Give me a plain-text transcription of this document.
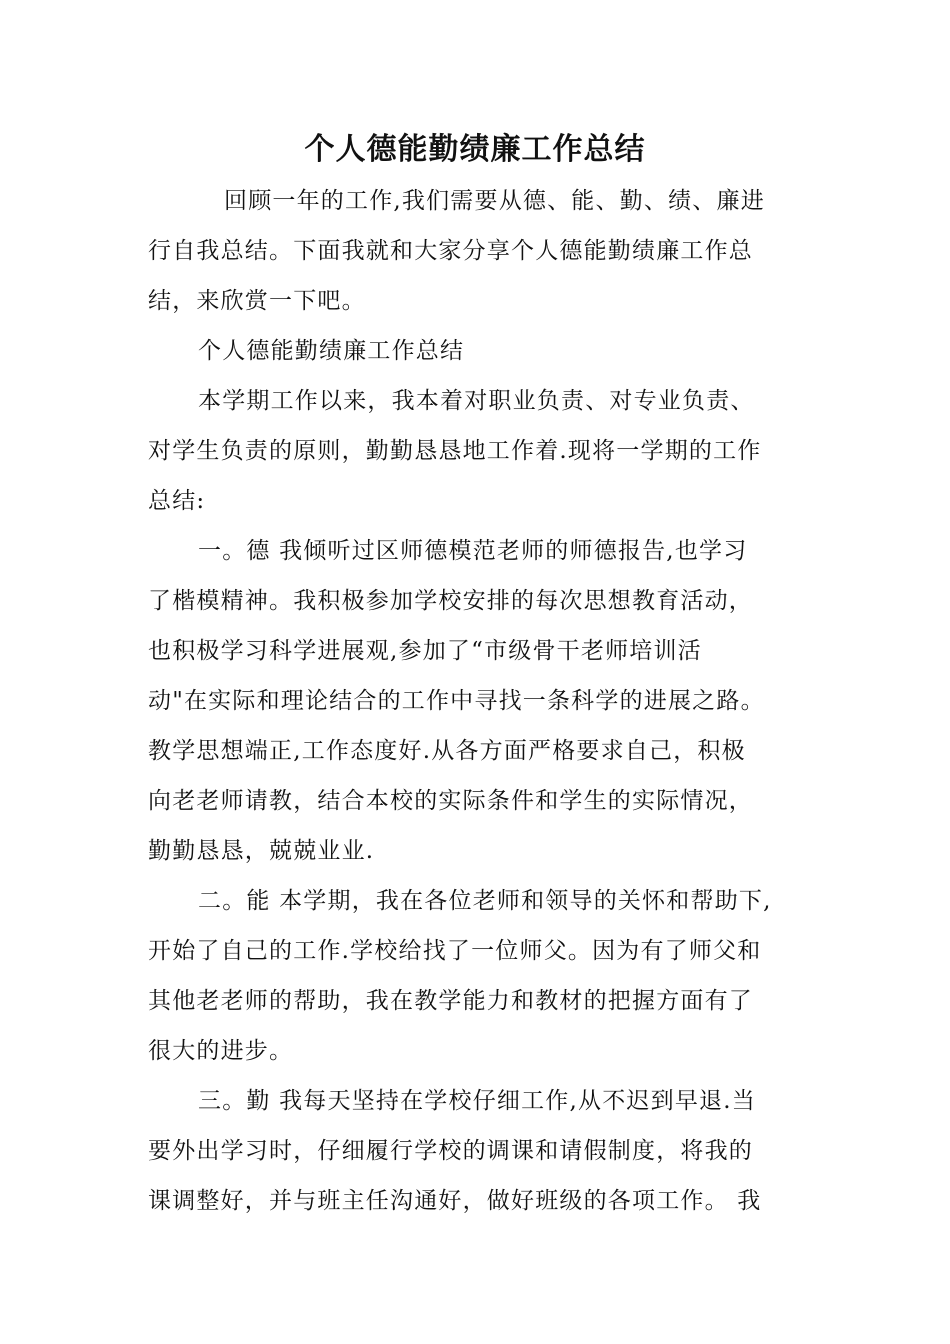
个人德能勤绩廉工作总结
回顾一年的工作,我们需要从德、能、勤、绩、廉进
行自我总结。下面我就和大家分享个人德能勤绩廉工作总
结，来欣赏一下吧。
个人德能勤绩廉工作总结
本学期工作以来，我本着对职业负责、对专业负责、
对学生负责的原则，勤勤恳恳地工作着.现将一学期的工作
总结:
一。德 我倾听过区师德模范老师的师德报告,也学习
了楷模精神。我积极参加学校安排的每次思想教育活动，
也积极学习科学进展观,参加了“市级骨干老师培训活
动"在实际和理论结合的工作中寻找一条科学的进展之路。
教学思想端正,工作态度好.从各方面严格要求自己，积极
向老老师请教，结合本校的实际条件和学生的实际情况，
勤勤恳恳，兢兢业业.
二。能 本学期，我在各位老师和领导的关怀和帮助下,
开始了自己的工作.学校给找了一位师父。因为有了师父和
其他老老师的帮助，我在教学能力和教材的把握方面有了
很大的进步。
三。勤 我每天坚持在学校仔细工作,从不迟到早退.当
要外出学习时，仔细履行学校的调课和请假制度，将我的
课调整好，并与班主任沟通好，做好班级的各项工作。 我
